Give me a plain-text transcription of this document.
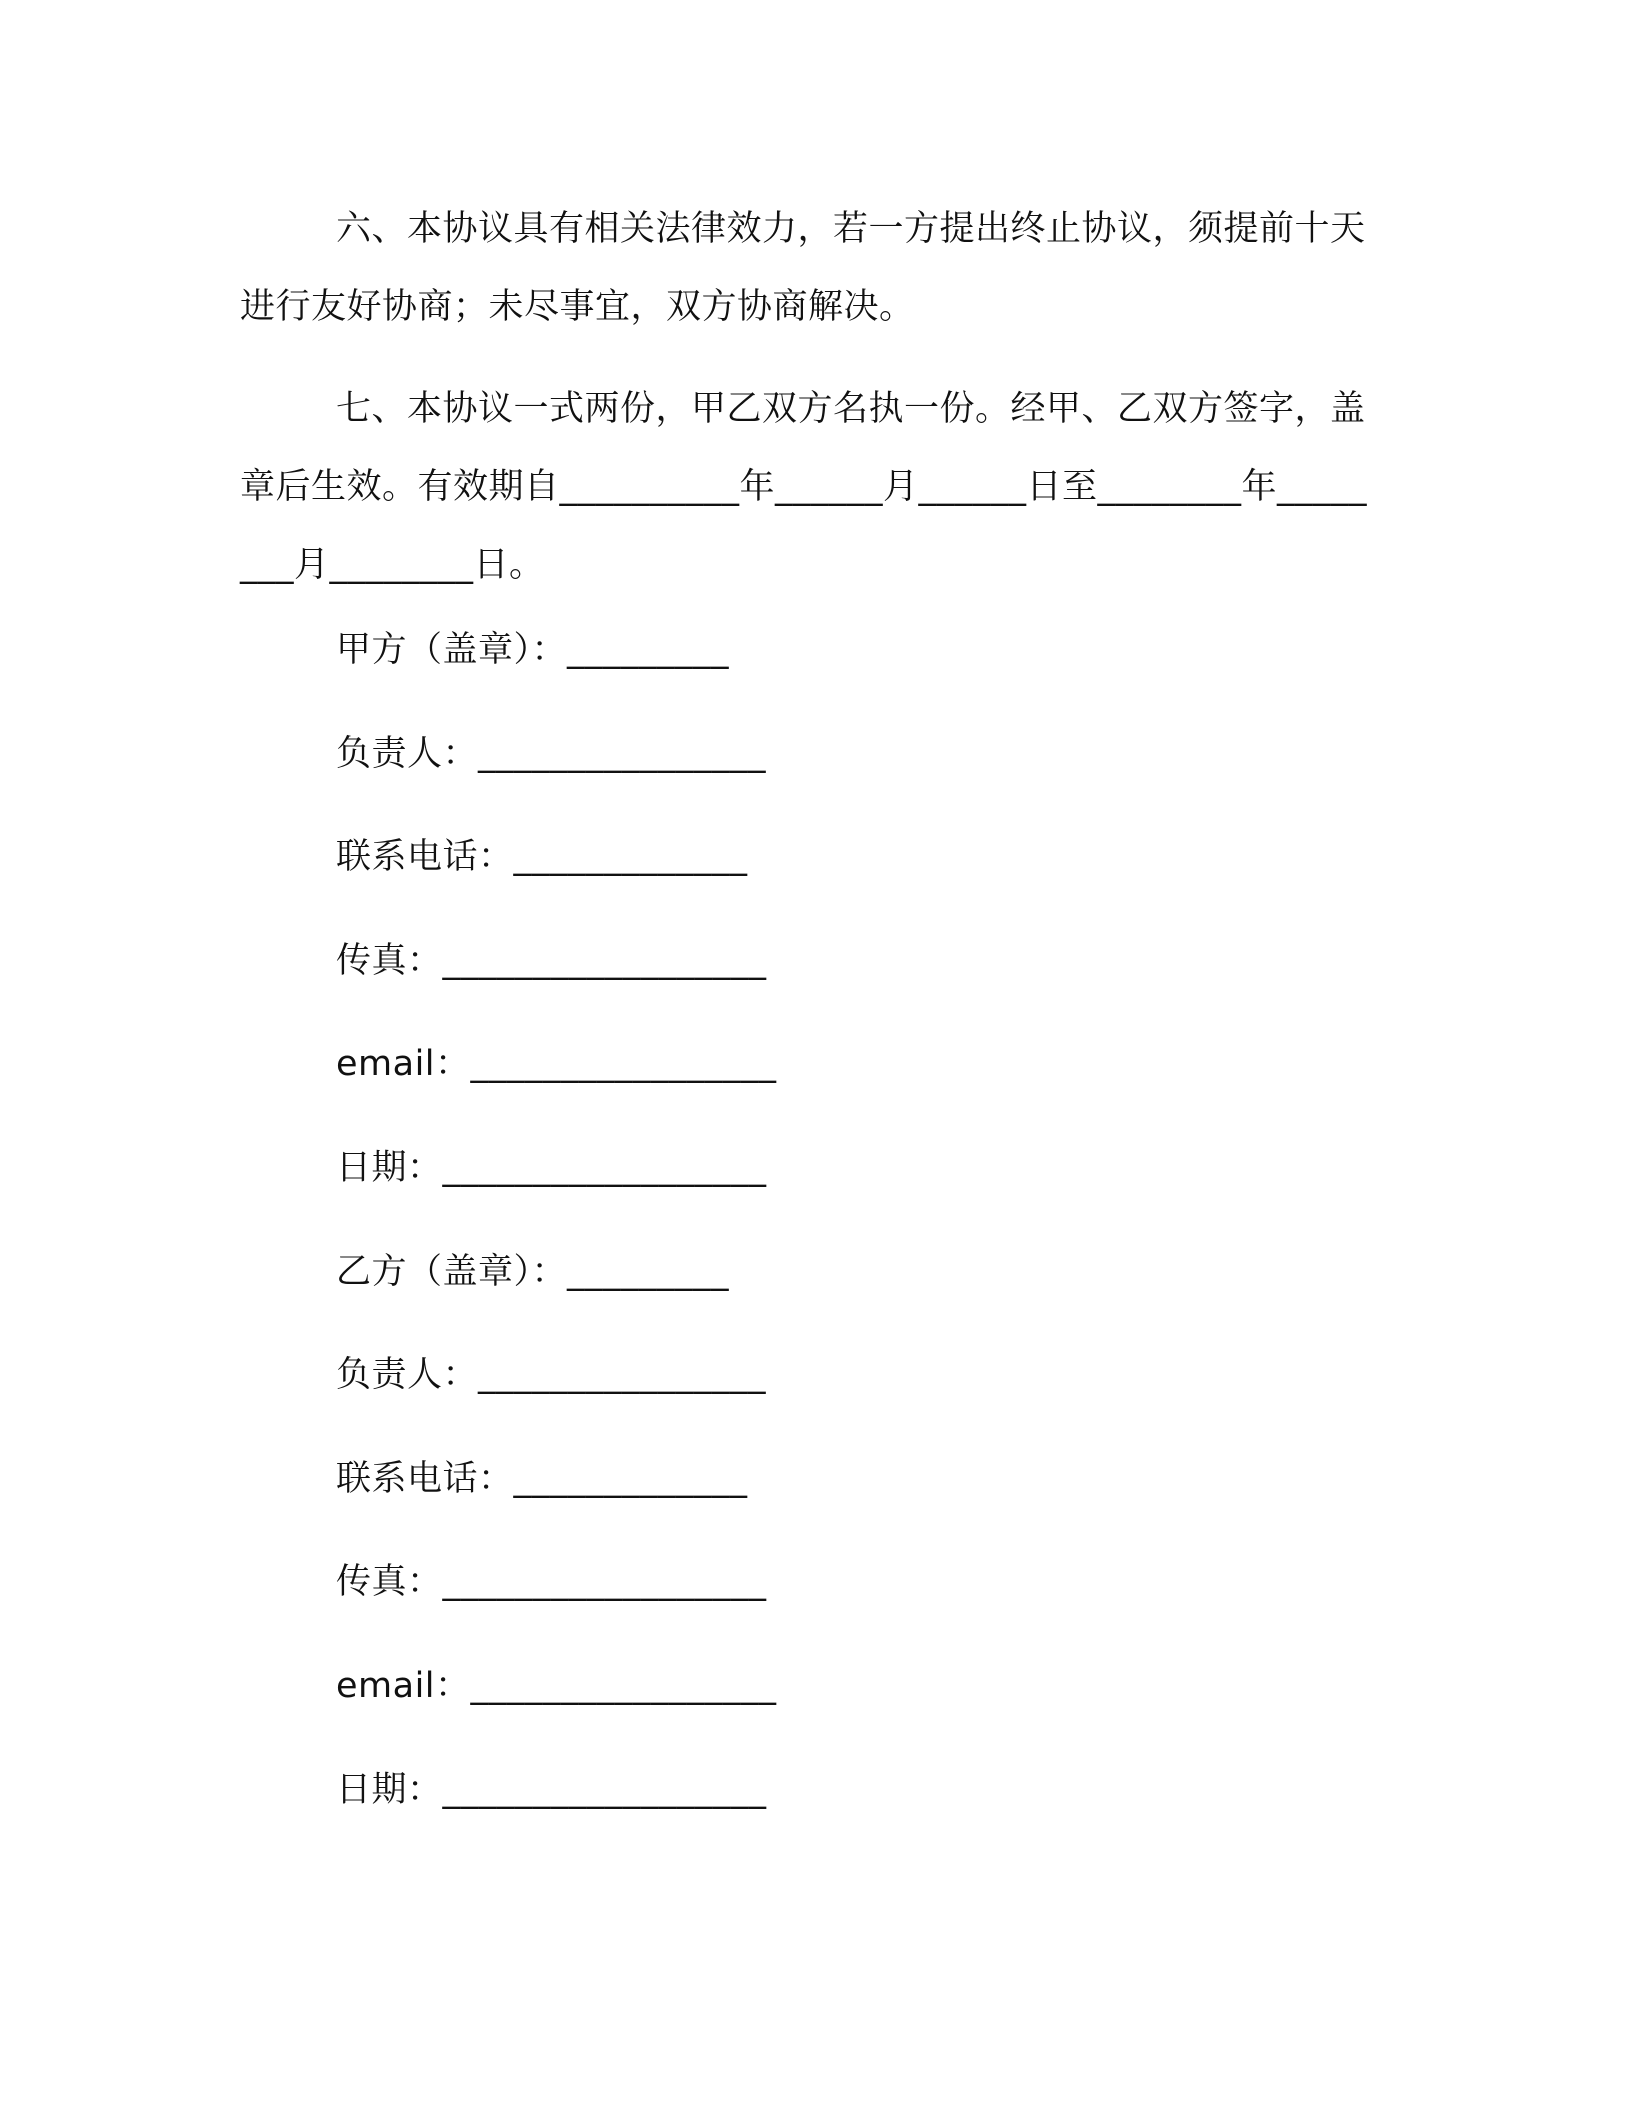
六、本协议具有相关法律效力，若一方提出终止协议，须提前十天进行友好协商；未尽事宜，双方协商解决。

七、本协议一式两份，甲乙双方名执一份。经甲、乙双方签字，盖章后生效。有效期自__________年______月______日至________年________月________日。

甲方（盖章）：_________
负责人：________________
联系电话：_____________
传真：__________________
email：_________________
日期：__________________
乙方（盖章）：_________
负责人：________________
联系电话：_____________
传真：__________________
email：_________________
日期：__________________
